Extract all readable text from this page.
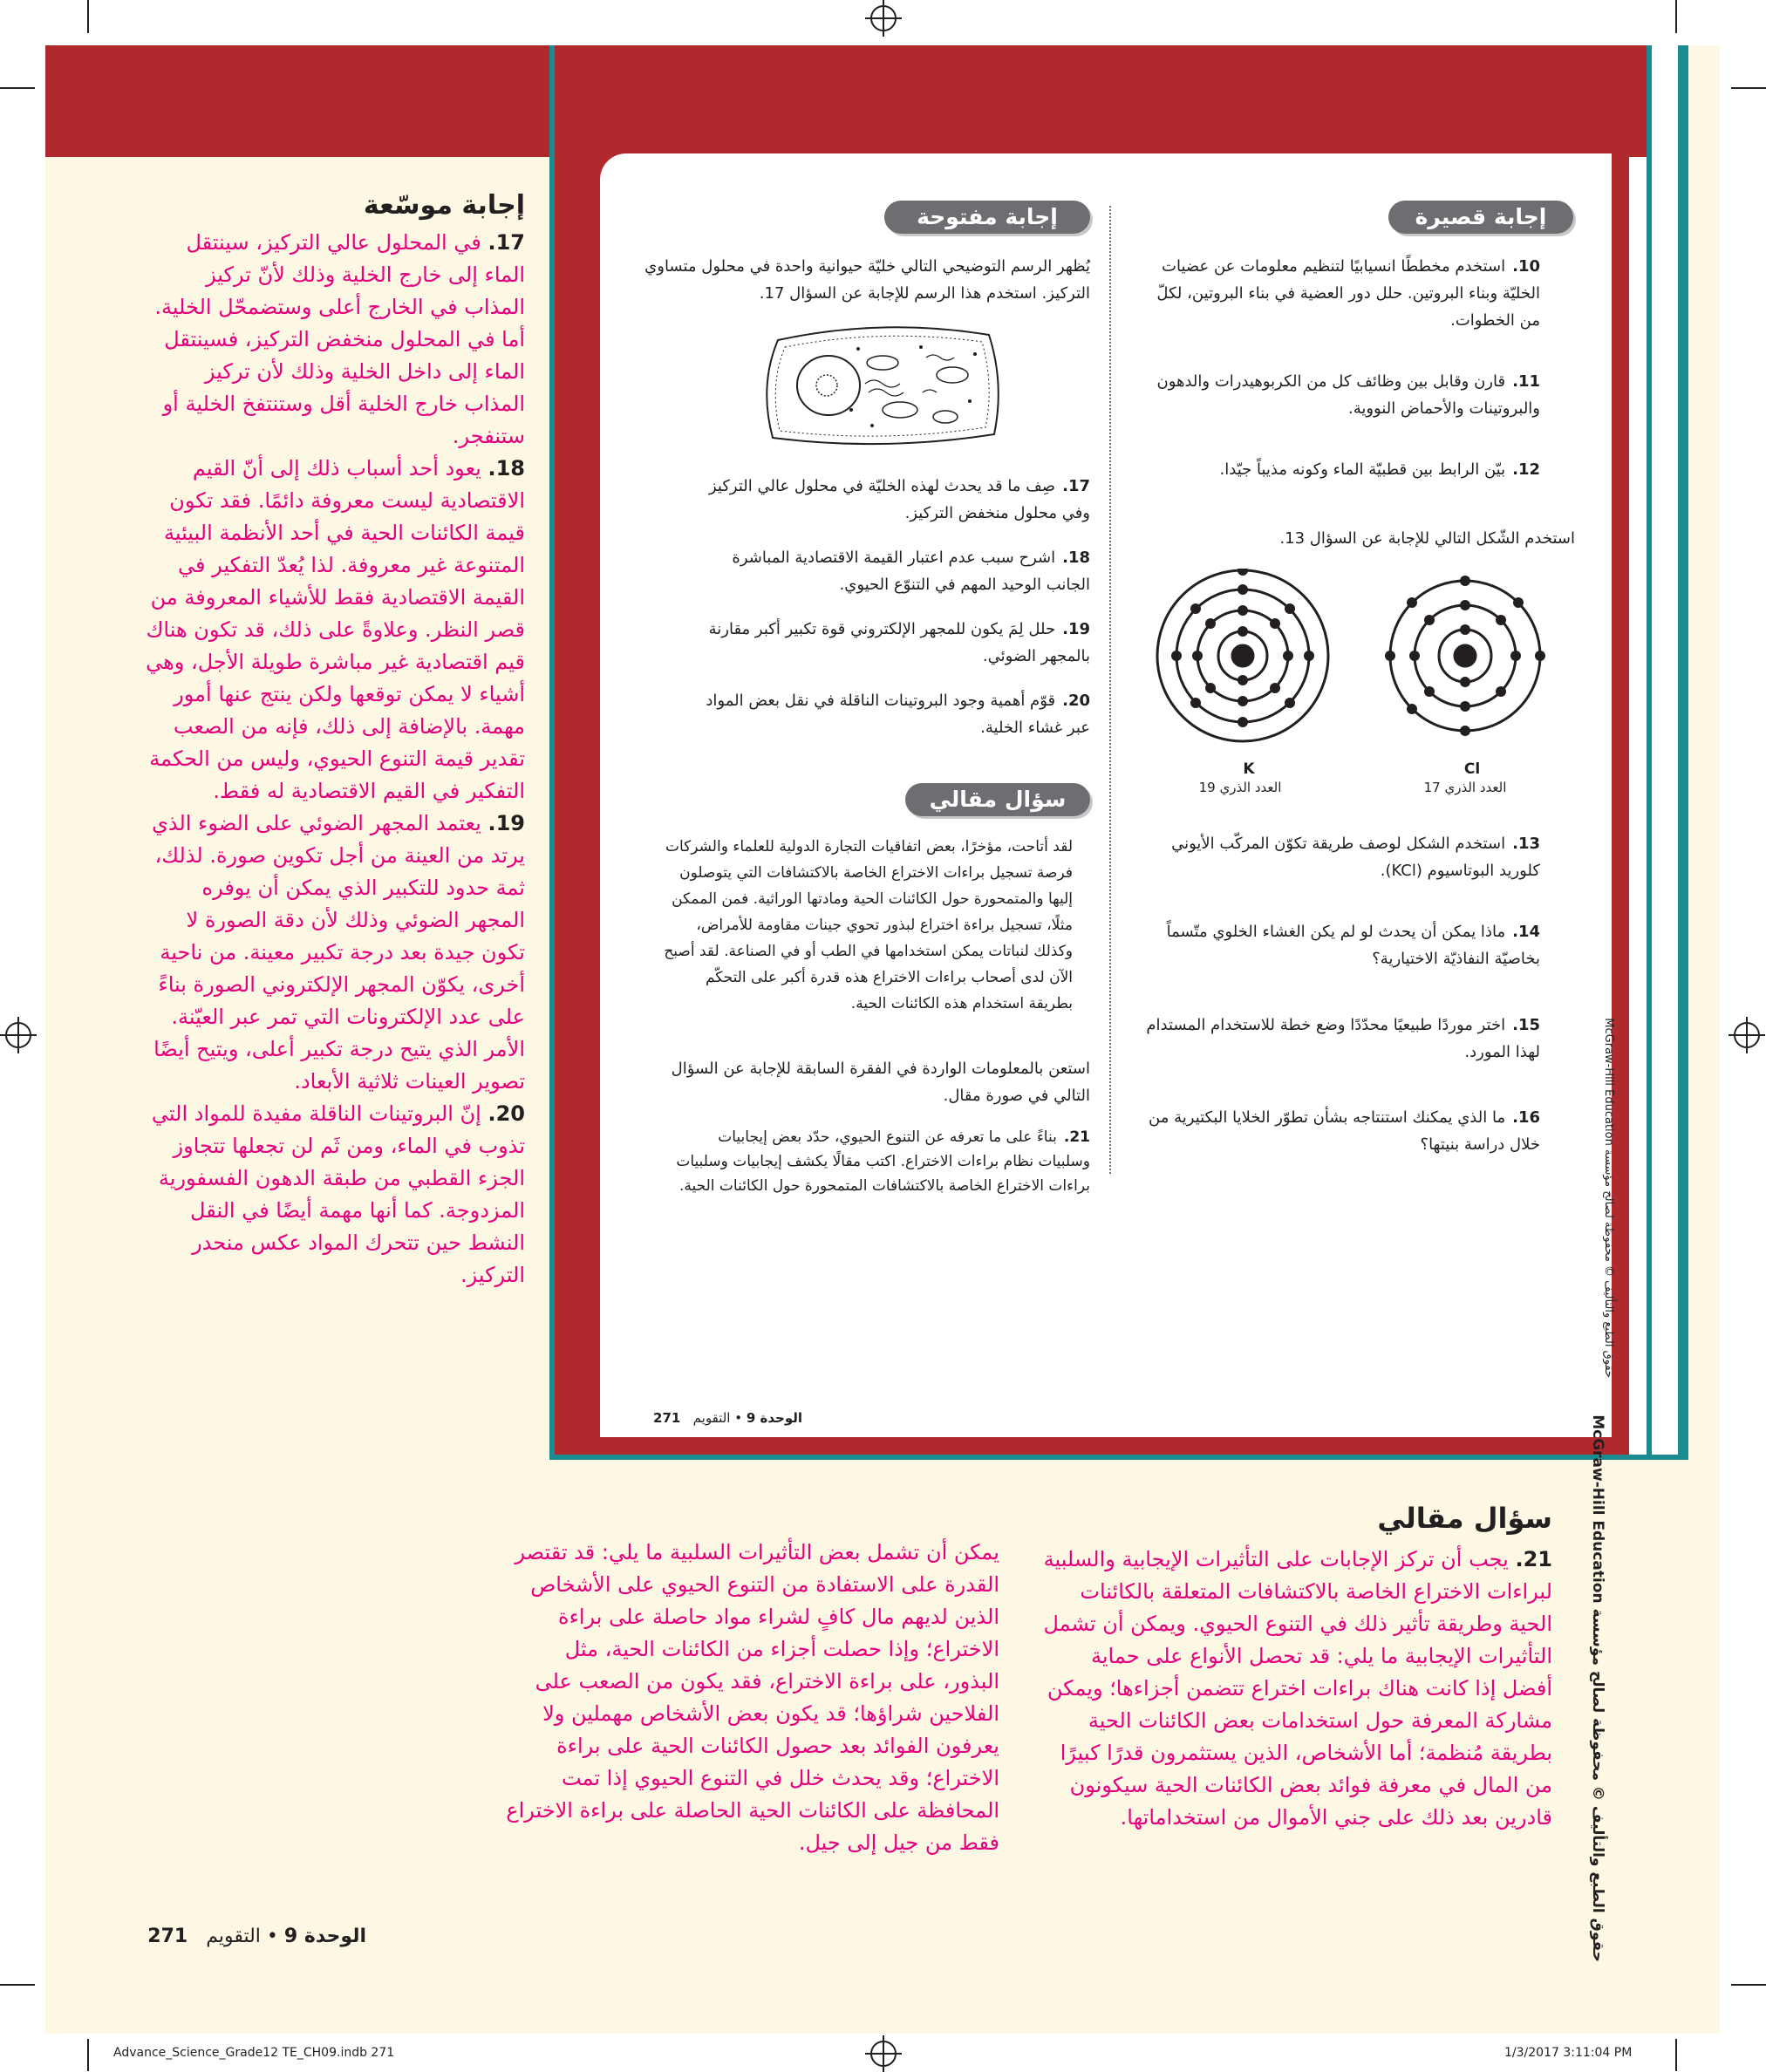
إجابة موسّعة

17. في المحلول عالي التركيز، سينتقل الماء إلى خارج الخلية وذلك لأنّ تركيز المذاب في الخارج أعلى وستضمحّل الخلية. أما في المحلول منخفض التركيز، فسينتقل الماء إلى داخل الخلية وذلك لأن تركيز المذاب خارج الخلية أقل وستنتفخ الخلية أو ستنفجر.

18. يعود أحد أسباب ذلك إلى أنّ القيم الاقتصادية ليست معروفة دائمًا. فقد تكون قيمة الكائنات الحية في أحد الأنظمة البيئية المتنوعة غير معروفة. لذا يُعدّ التفكير في القيمة الاقتصادية فقط للأشياء المعروفة من قصر النظر. وعلاوةً على ذلك، قد تكون هناك قيم اقتصادية غير مباشرة طويلة الأجل، وهي أشياء لا يمكن توقعها ولكن ينتج عنها أمور مهمة. بالإضافة إلى ذلك، فإنه من الصعب تقدير قيمة التنوع الحيوي، وليس من الحكمة التفكير في القيم الاقتصادية له فقط.

19. يعتمد المجهر الضوئي على الضوء الذي يرتد من العينة من أجل تكوين صورة. لذلك، ثمة حدود للتكبير الذي يمكن أن يوفره المجهر الضوئي وذلك لأن دقة الصورة لا تكون جيدة بعد درجة تكبير معينة. من ناحية أخرى، يكوّن المجهر الإلكتروني الصورة بناءً على عدد الإلكترونات التي تمر عبر العيّنة. الأمر الذي يتيح درجة تكبير أعلى، ويتيح أيضًا تصوير العينات ثلاثية الأبعاد.

20. إنّ البروتينات الناقلة مفيدة للمواد التي تذوب في الماء، ومن ثَم لن تجعلها تتجاوز الجزء القطبي من طبقة الدهون الفسفورية المزدوجة. كما أنها مهمة أيضًا في النقل النشط حين تتحرك المواد عكس منحدر التركيز.

إجابة قصيرة
10.استخدم مخططًا انسيابيًا لتنظيم معلومات عن عضيات الخليّة وبناء البروتين. حلل دور العضية في بناء البروتين، لكلّ من الخطوات.
11.قارن وقابل بين وظائف كل من الكربوهيدرات والدهون والبروتينات والأحماض النووية.
12.بيّن الرابط بين قطبيّة الماء وكونه مذيباً جيّدا.
استخدم الشّكل التالي للإجابة عن السؤال 13.
K	Cl
العدد الذري 19	العدد الذري 17
13.استخدم الشكل لوصف طريقة تكوّن المركّب الأيوني كلوريد البوتاسيوم (KCl).
14.ماذا يمكن أن يحدث لو لم يكن الغشاء الخلوي متّسماً بخاصيّة النفاذيّة الاختيارية؟
15.اختر موردًا طبيعيًا محدّدًا وضع خطة للاستخدام المستدام لهذا المورد.
16.ما الذي يمكنك استنتاجه بشأن تطوّر الخلايا البكتيرية من خلال دراسة بنيتها؟
إجابة مفتوحة
يُظهر الرسم التوضيحي التالي خليّة حيوانية واحدة في محلول متساوي التركيز. استخدم هذا الرسم للإجابة عن السؤال 17.
17.صِف ما قد يحدث لهذه الخليّة في محلول عالي التركيز وفي محلول منخفض التركيز.
18.اشرح سبب عدم اعتبار القيمة الاقتصادية المباشرة الجانب الوحيد المهم في التنوّع الحيوي.
19.حلل لِمَ يكون للمجهر الإلكتروني قوة تكبير أكبر مقارنة بالمجهر الضوئي.
20.قوّم أهمية وجود البروتينات الناقلة في نقل بعض المواد عبر غشاء الخلية.
سؤال مقالي
لقد أتاحت، مؤخرًا، بعض اتفاقيات التجارة الدولية للعلماء والشركات فرصة تسجيل براءات الاختراع الخاصة بالاكتشافات التي يتوصلون إليها والمتمحورة حول الكائنات الحية ومادتها الوراثية. فمن الممكن مثلًا، تسجيل براءة اختراع لبذور تحوي جينات مقاومة للأمراض، وكذلك لنباتات يمكن استخدامها في الطب أو في الصناعة. لقد أصبح الآن لدى أصحاب براءات الاختراع هذه قدرة أكبر على التحكّم بطريقة استخدام هذه الكائنات الحية.
استعن بالمعلومات الواردة في الفقرة السابقة للإجابة عن السؤال التالي في صورة مقال.
21.بناءً على ما تعرفه عن التنوع الحيوي، حدّد بعض إيجابيات وسلبيات نظام براءات الاختراع. اكتب مقالًا يكشف إيجابيات وسلبيات براءات الاختراع الخاصة بالاكتشافات المتمحورة حول الكائنات الحية.
الوحدة 9 • التقويم   271
حقوق الطبع والتأليف © محفوظة لصالح مؤسسة McGraw-Hill Education
حقوق الطبع والتأليف © محفوظة لصالح مؤسسة McGraw-Hill Education
سؤال مقالي

21. يجب أن تركز الإجابات على التأثيرات الإيجابية والسلبية لبراءات الاختراع الخاصة بالاكتشافات المتعلقة بالكائنات الحية وطريقة تأثير ذلك في التنوع الحيوي. ويمكن أن تشمل التأثيرات الإيجابية ما يلي: قد تحصل الأنواع على حماية أفضل إذا كانت هناك براءات اختراع تتضمن أجزاءها؛ ويمكن مشاركة المعرفة حول استخدامات بعض الكائنات الحية بطريقة مُنظمة؛ أما الأشخاص، الذين يستثمرون قدرًا كبيرًا من المال في معرفة فوائد بعض الكائنات الحية سيكونون قادرين بعد ذلك على جني الأموال من استخداماتها.

يمكن أن تشمل بعض التأثيرات السلبية ما يلي: قد تقتصر القدرة على الاستفادة من التنوع الحيوي على الأشخاص الذين لديهم مال كافٍ لشراء مواد حاصلة على براءة الاختراع؛ وإذا حصلت أجزاء من الكائنات الحية، مثل البذور، على براءة الاختراع، فقد يكون من الصعب على الفلاحين شراؤها؛ قد يكون بعض الأشخاص مهملين ولا يعرفون الفوائد بعد حصول الكائنات الحية على براءة الاختراع؛ وقد يحدث خلل في التنوع الحيوي إذا تمت المحافظة على الكائنات الحية الحاصلة على براءة الاختراع فقط من جيل إلى جيل.

الوحدة 9 • التقويم   271
Advance_Science_Grade12 TE_CH09.indb 271	1/3/2017 3:11:04 PM
